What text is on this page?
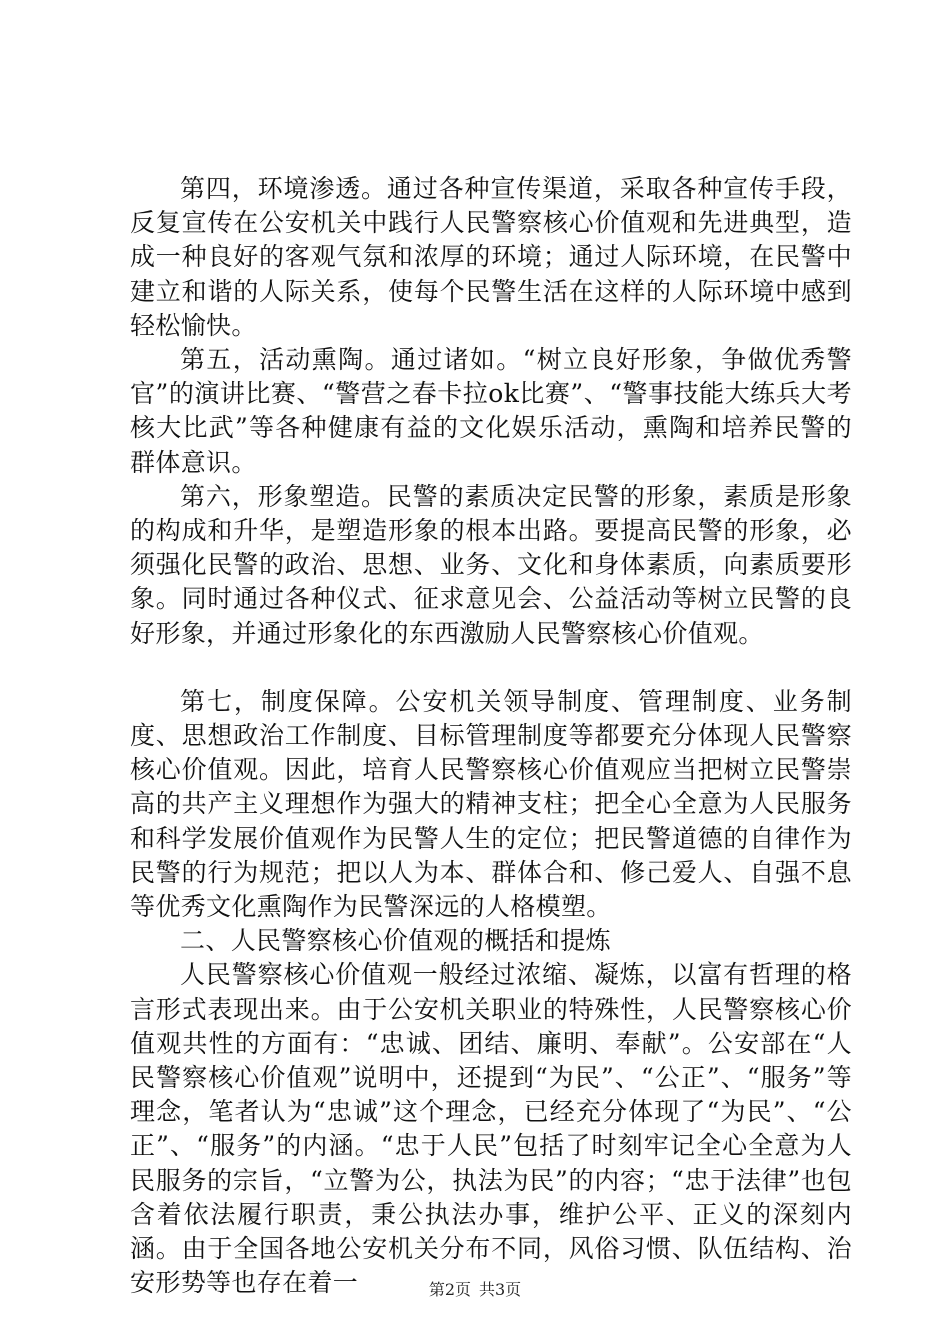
第四，环境渗透。通过各种宣传渠道，采取各种宣传手段，反复宣传在公安机关中践行人民警察核心价值观和先进典型，造成一种良好的客观气氛和浓厚的环境；通过人际环境，在民警中建立和谐的人际关系，使每个民警生活在这样的人际环境中感到轻松愉快。

第五，活动熏陶。通过诸如。“树立良好形象，争做优秀警官”的演讲比赛、“警营之春卡拉ok比赛”、“警事技能大练兵大考核大比武”等各种健康有益的文化娱乐活动，熏陶和培养民警的群体意识。

第六，形象塑造。民警的素质决定民警的形象，素质是形象的构成和升华，是塑造形象的根本出路。要提高民警的形象，必须强化民警的政治、思想、业务、文化和身体素质，向素质要形象。同时通过各种仪式、征求意见会、公益活动等树立民警的良好形象，并通过形象化的东西激励人民警察核心价值观。

第七，制度保障。公安机关领导制度、管理制度、业务制度、思想政治工作制度、目标管理制度等都要充分体现人民警察核心价值观。因此，培育人民警察核心价值观应当把树立民警崇高的共产主义理想作为强大的精神支柱；把全心全意为人民服务和科学发展价值观作为民警人生的定位；把民警道德的自律作为民警的行为规范；把以人为本、群体合和、修己爱人、自强不息等优秀文化熏陶作为民警深远的人格模塑。

二、人民警察核心价值观的概括和提炼

人民警察核心价值观一般经过浓缩、凝炼，以富有哲理的格言形式表现出来。由于公安机关职业的特殊性，人民警察核心价值观共性的方面有：“忠诚、团结、廉明、奉献”。公安部在“人民警察核心价值观”说明中，还提到“为民”、“公正”、“服务”等理念，笔者认为“忠诚”这个理念，已经充分体现了“为民”、“公正”、“服务”的内涵。“忠于人民”包括了时刻牢记全心全意为人民服务的宗旨，“立警为公，执法为民”的内容；“忠于法律”也包含着依法履行职责，秉公执法办事，维护公平、正义的深刻内涵。由于全国各地公安机关分布不同，风俗习惯、队伍结构、治安形势等也存在着一	第2页 共3页
